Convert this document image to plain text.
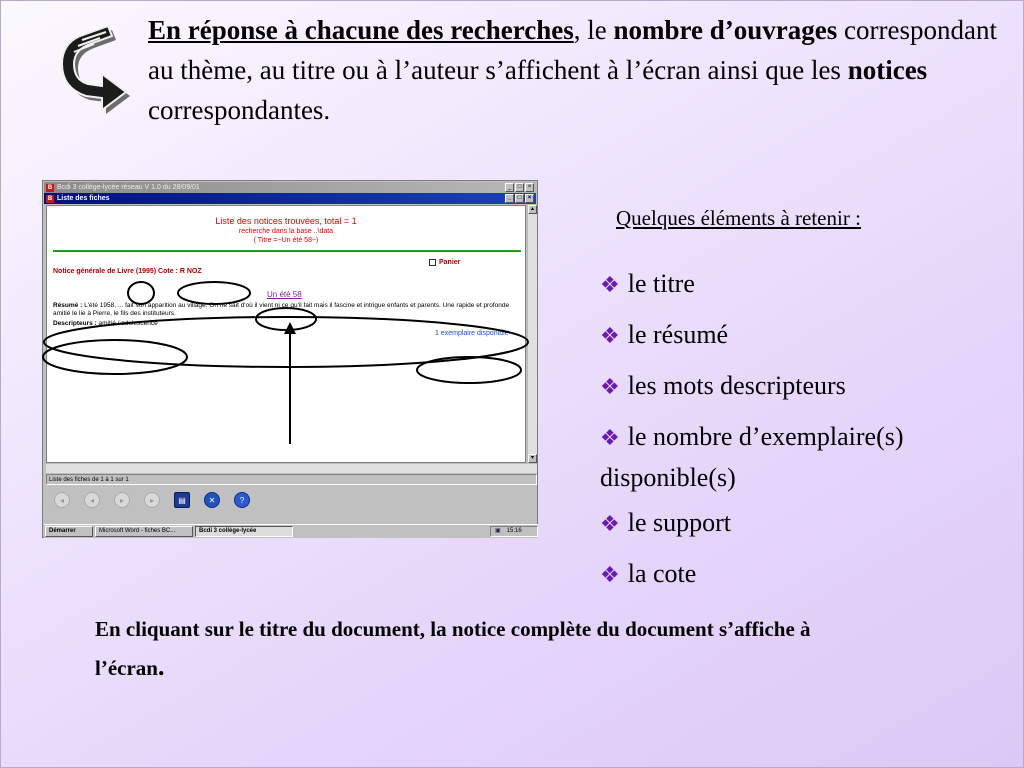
En réponse à chacune des recherches, le nombre d’ouvrages correspondant au thème, au titre ou à l’auteur s’affichent à l’écran ainsi que les notices correspondantes.
B Bcdi 3 collège-lycée réseau V 1.0 du 28/09/01	_	□	×
B Liste des fiches	_	□	×
Liste des notices trouvées, total = 1
recherche dans la base ..\data
( Titre =~Un été 58~)
Panier
Notice générale de Livre (1995) Cote : R NOZ
Un été 58
Résumé : L'été 1958, ... fait son apparition au village. On ne sait d'où il vient ni ce qu'il fait mais il fascine et intrigue enfants et parents. Une rapide et profonde amitié le lie à Pierre, le fils des instituteurs.
Descripteurs : amitié / adolescence
1 exemplaire disponible
▴
▾
Liste des fiches de 1 à 1 sur 1
◂	◂	▸	▸	▤	✕	?
Démarrer	Microsoft Word - fiches BC...	Bcdi 3 collège-lycée	▣ 15:16
Quelques éléments à retenir :
❖ le titre
❖ le résumé
❖ les mots descripteurs
❖ le nombre d’exemplaire(s) disponible(s)
❖ le support
❖ la cote
En cliquant sur le titre du document, la notice complète du document s’affiche à l’écran.
